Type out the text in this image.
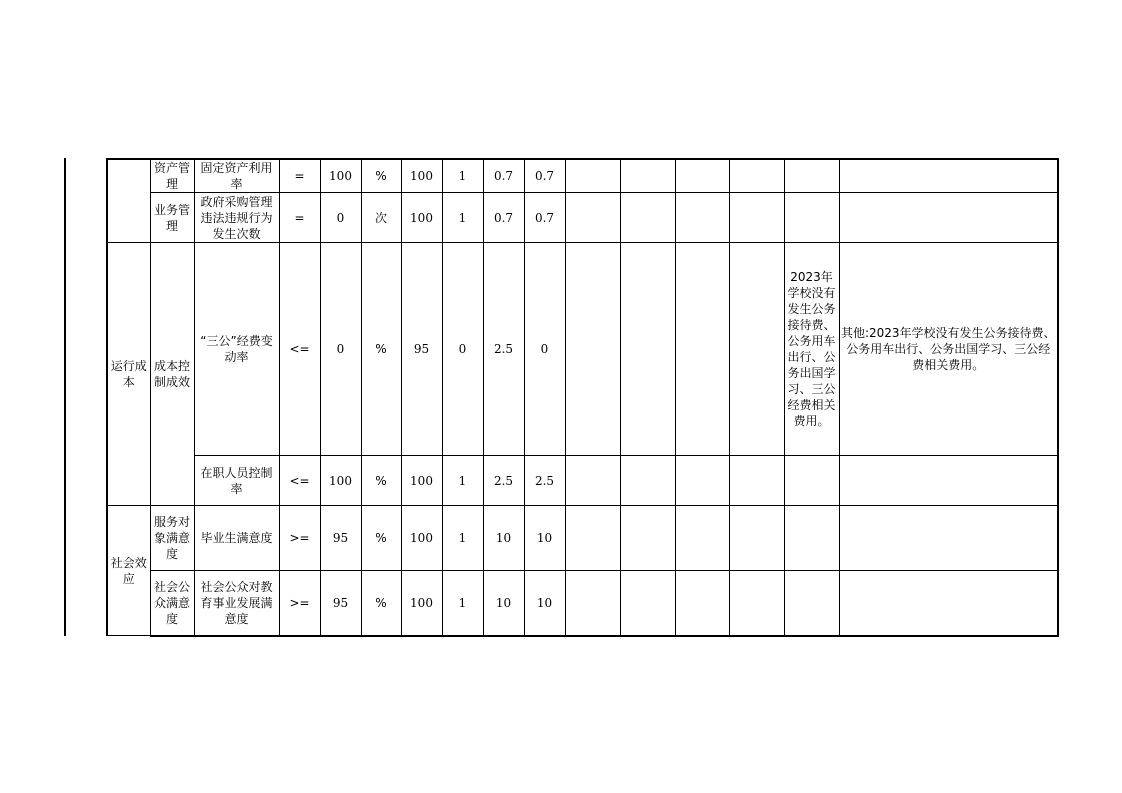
	资产管理	固定资产利用率	=	100	%	100	1	0.7	0.7						
	业务管理	政府采购管理违法违规行为发生次数	=	0	次	100	1	0.7	0.7						
运行成本	成本控制成效	“三公”经费变动率	<=	0	%	95	0	2.5	0					2023年学校没有发生公务接待费、公务用车出行、公务出国学习、三公经费相关费用。	其他:2023年学校没有发生公务接待费、公务用车出行、公务出国学习、三公经费相关费用。
		在职人员控制率	<=	100	%	100	1	2.5	2.5						
社会效应	服务对象满意度	毕业生满意度	>=	95	%	100	1	10	10						
	社会公众满意度	社会公众对教育事业发展满意度	>=	95	%	100	1	10	10						
